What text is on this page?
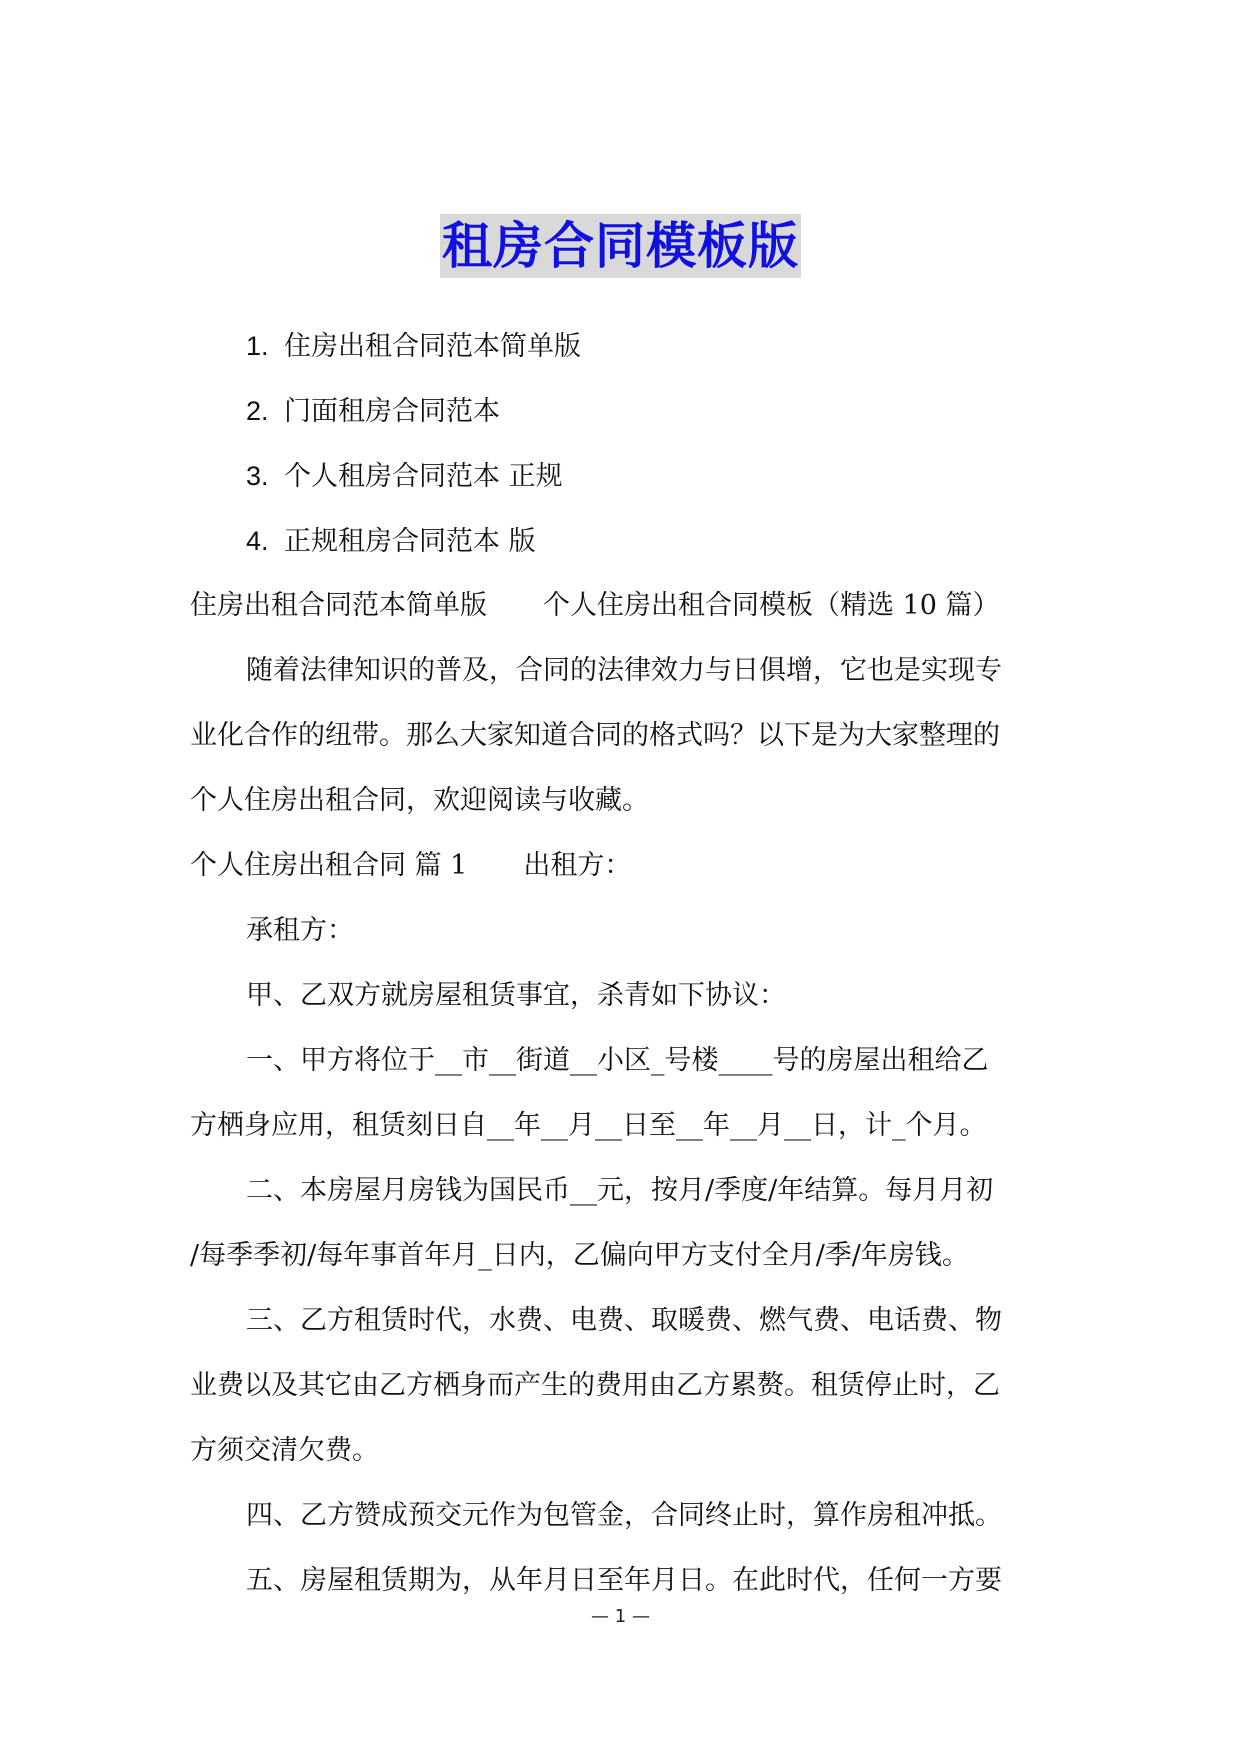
租房合同模板版
1. 住房出租合同范本简单版
2. 门面租房合同范本
3. 个人租房合同范本 正规
4. 正规租房合同范本 版
住房出租合同范本简单版 个人住房出租合同模板（精选 10 篇）
随着法律知识的普及，合同的法律效力与日俱增，它也是实现专
业化合作的纽带。那么大家知道合同的格式吗？以下是为大家整理的
个人住房出租合同，欢迎阅读与收藏。
个人住房出租合同 篇 1 出租方：
承租方：
甲、乙双方就房屋租赁事宜，杀青如下协议：
一、甲方将位于__市__街道__小区_号楼____号的房屋出租给乙
方栖身应用，租赁刻日自__年__月__日至__年__月__日，计_个月。
二、本房屋月房钱为国民币__元，按月/季度/年结算。每月月初
/每季季初/每年事首年月_日内，乙偏向甲方支付全月/季/年房钱。
三、乙方租赁时代，水费、电费、取暖费、燃气费、电话费、物
业费以及其它由乙方栖身而产生的费用由乙方累赘。租赁停止时，乙
方须交清欠费。
四、乙方赞成预交元作为包管金，合同终止时，算作房租冲抵。
五、房屋租赁期为，从年月日至年月日。在此时代，任何一方要
— 1 —
